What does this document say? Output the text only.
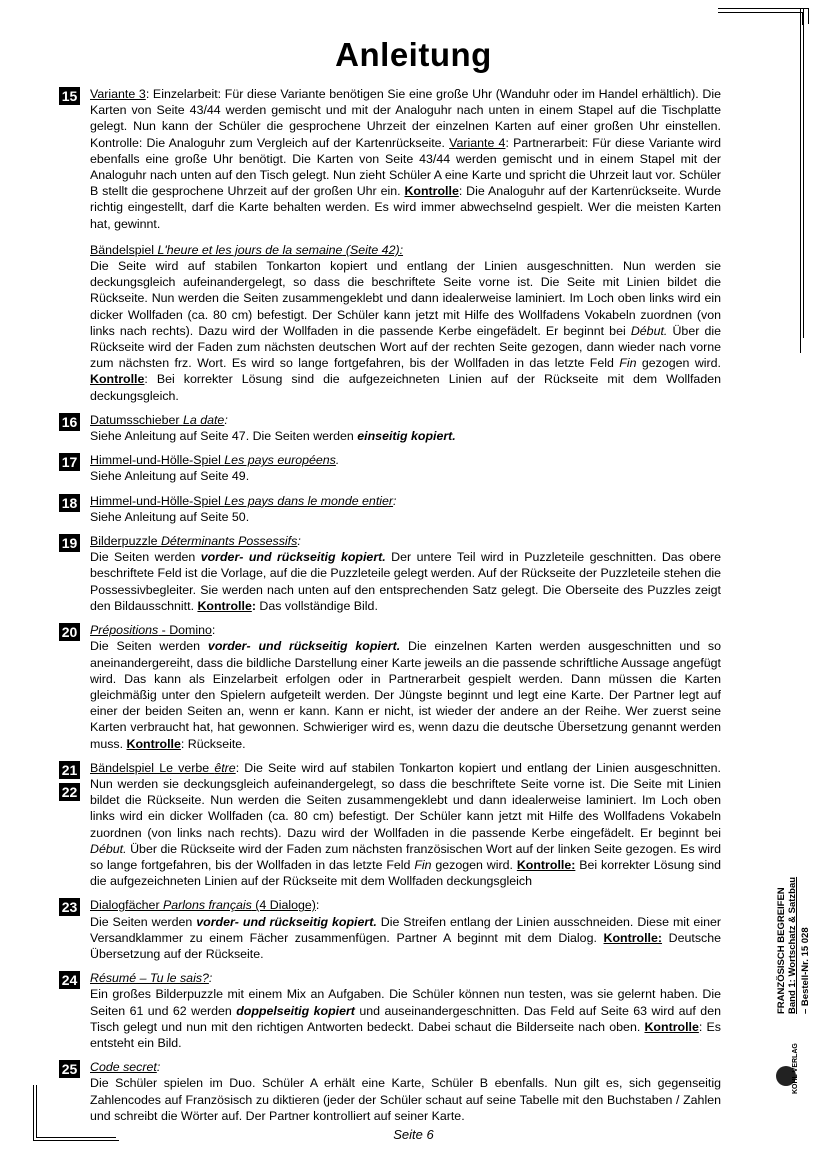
Anleitung
15 Variante 3: Einzelarbeit: Für diese Variante benötigen Sie eine große Uhr (Wanduhr oder im Handel erhältlich). Die Karten von Seite 43/44 werden gemischt und mit der Analoguhr nach unten in einem Stapel auf die Tischplatte gelegt. Nun kann der Schüler die gesprochene Uhrzeit der einzelnen Karten auf einer großen Uhr einstellen. Kontrolle: Die Analoguhr zum Vergleich auf der Kartenrückseite. Variante 4: Partnerarbeit: Für diese Variante wird ebenfalls eine große Uhr benötigt. Die Karten von Seite 43/44 werden gemischt und in einem Stapel mit der Analoguhr nach unten auf den Tisch gelegt. Nun zieht Schüler A eine Karte und spricht die Uhrzeit laut vor. Schüler B stellt die gesprochene Uhrzeit auf der großen Uhr ein. Kontrolle: Die Analoguhr auf der Kartenrückseite. Wurde richtig eingestellt, darf die Karte behalten werden. Es wird immer abwechselnd gespielt. Wer die meisten Karten hat, gewinnt.

Bändelspiel L'heure et les jours de la semaine (Seite 42):
Die Seite wird auf stabilen Tonkarton kopiert und entlang der Linien ausgeschnitten. Nun werden sie deckungsgleich aufeinandergelegt, so dass die beschriftete Seite vorne ist. Die Seite mit Linien bildet die Rückseite. Nun werden die Seiten zusammengeklebt und dann idealerweise laminiert. Im Loch oben links wird ein dicker Wollfaden (ca. 80 cm) befestigt. Der Schüler kann jetzt mit Hilfe des Wollfadens Vokabeln zuordnen (von links nach rechts). Dazu wird der Wollfaden in die passende Kerbe eingefädelt. Er beginnt bei Début. Über die Rückseite wird der Faden zum nächsten deutschen Wort auf der rechten Seite gezogen, dann wieder nach vorne zum nächsten frz. Wort. Es wird so lange fortgefahren, bis der Wollfaden in das letzte Feld Fin gezogen wird. Kontrolle: Bei korrekter Lösung sind die aufgezeichneten Linien auf der Rückseite mit dem Wollfaden deckungsgleich.

16 Datumsschieber La date:
Siehe Anleitung auf Seite 47. Die Seiten werden einseitig kopiert.

17 Himmel-und-Hölle-Spiel Les pays européens.
Siehe Anleitung auf Seite 49.

18 Himmel-und-Hölle-Spiel Les pays dans le monde entier:
Siehe Anleitung auf Seite 50.

19 Bilderpuzzle Déterminants Possessifs:
Die Seiten werden vorder- und rückseitig kopiert. Der untere Teil wird in Puzzleteile geschnitten. Das obere beschriftete Feld ist die Vorlage, auf die die Puzzleteile gelegt werden. Auf der Rückseite der Puzzleteile stehen die Possessivbegleiter. Sie werden nach unten auf den entsprechenden Satz gelegt. Die Oberseite des Puzzles zeigt den Bildausschnitt. Kontrolle: Das vollständige Bild.

20 Prépositions - Domino:
Die Seiten werden vorder- und rückseitig kopiert. Die einzelnen Karten werden ausgeschnitten und so aneinandergereiht, dass die bildliche Darstellung einer Karte jeweils an die passende schriftliche Aussage angefügt wird. Das kann als Einzelarbeit erfolgen oder in Partnerarbeit gespielt werden. Dann müssen die Karten gleichmäßig unter den Spielern aufgeteilt werden. Der Jüngste beginnt und legt eine Karte. Der Partner legt auf einer der beiden Seiten an, wenn er kann. Kann er nicht, ist wieder der andere an der Reihe. Wer zuerst seine Karten verbraucht hat, hat gewonnen. Schwieriger wird es, wenn dazu die deutsche Übersetzung genannt werden muss. Kontrolle: Rückseite.

21
22

Bändelspiel Le verbe être: Die Seite wird auf stabilen Tonkarton kopiert und entlang der Linien ausgeschnitten. Nun werden sie deckungsgleich aufeinandergelegt, so dass die beschriftete Seite vorne ist. Die Seite mit Linien bildet die Rückseite. Nun werden die Seiten zusammengeklebt und dann idealerweise laminiert. Im Loch oben links wird ein dicker Wollfaden (ca. 80 cm) befestigt. Der Schüler kann jetzt mit Hilfe des Wollfadens Vokabeln zuordnen (von links nach rechts). Dazu wird der Wollfaden in die passende Kerbe eingefädelt. Er beginnt bei Début. Über die Rückseite wird der Faden zum nächsten französischen Wort auf der linken Seite gezogen. Es wird so lange fortgefahren, bis der Wollfaden in das letzte Feld Fin gezogen wird. Kontrolle: Bei korrekter Lösung sind die aufgezeichneten Linien auf der Rückseite mit dem Wollfaden deckungsgleich

23 Dialogfächer Parlons français (4 Dialoge):
Die Seiten werden vorder- und rückseitig kopiert. Die Streifen entlang der Linien ausschneiden. Diese mit einer Versandklammer zu einem Fächer zusammenfügen. Partner A beginnt mit dem Dialog. Kontrolle: Deutsche Übersetzung auf der Rückseite.

24 Résumé – Tu le sais?:
Ein großes Bilderpuzzle mit einem Mix an Aufgaben. Die Schüler können nun testen, was sie gelernt haben. Die Seiten 61 und 62 werden doppelseitig kopiert und auseinandergeschnitten. Das Feld auf Seite 63 wird auf den Tisch gelegt und nun mit den richtigen Antworten bedeckt. Dabei schaut die Bilderseite nach oben. Kontrolle: Es entsteht ein Bild.

25 Code secret:
Die Schüler spielen im Duo. Schüler A erhält eine Karte, Schüler B ebenfalls. Nun gilt es, sich gegenseitig Zahlencodes auf Französisch zu diktieren (jeder der Schüler schaut auf seine Tabelle mit den Buchstaben / Zahlen und schreibt die Wörter auf. Der Partner kontrolliert auf seiner Karte.

FRANZÖSISCH BEGREIFEN Band 1: Wortschatz & Satzbau – Bestell-Nr. 15 028
KOHL VERLAG
Seite 6
